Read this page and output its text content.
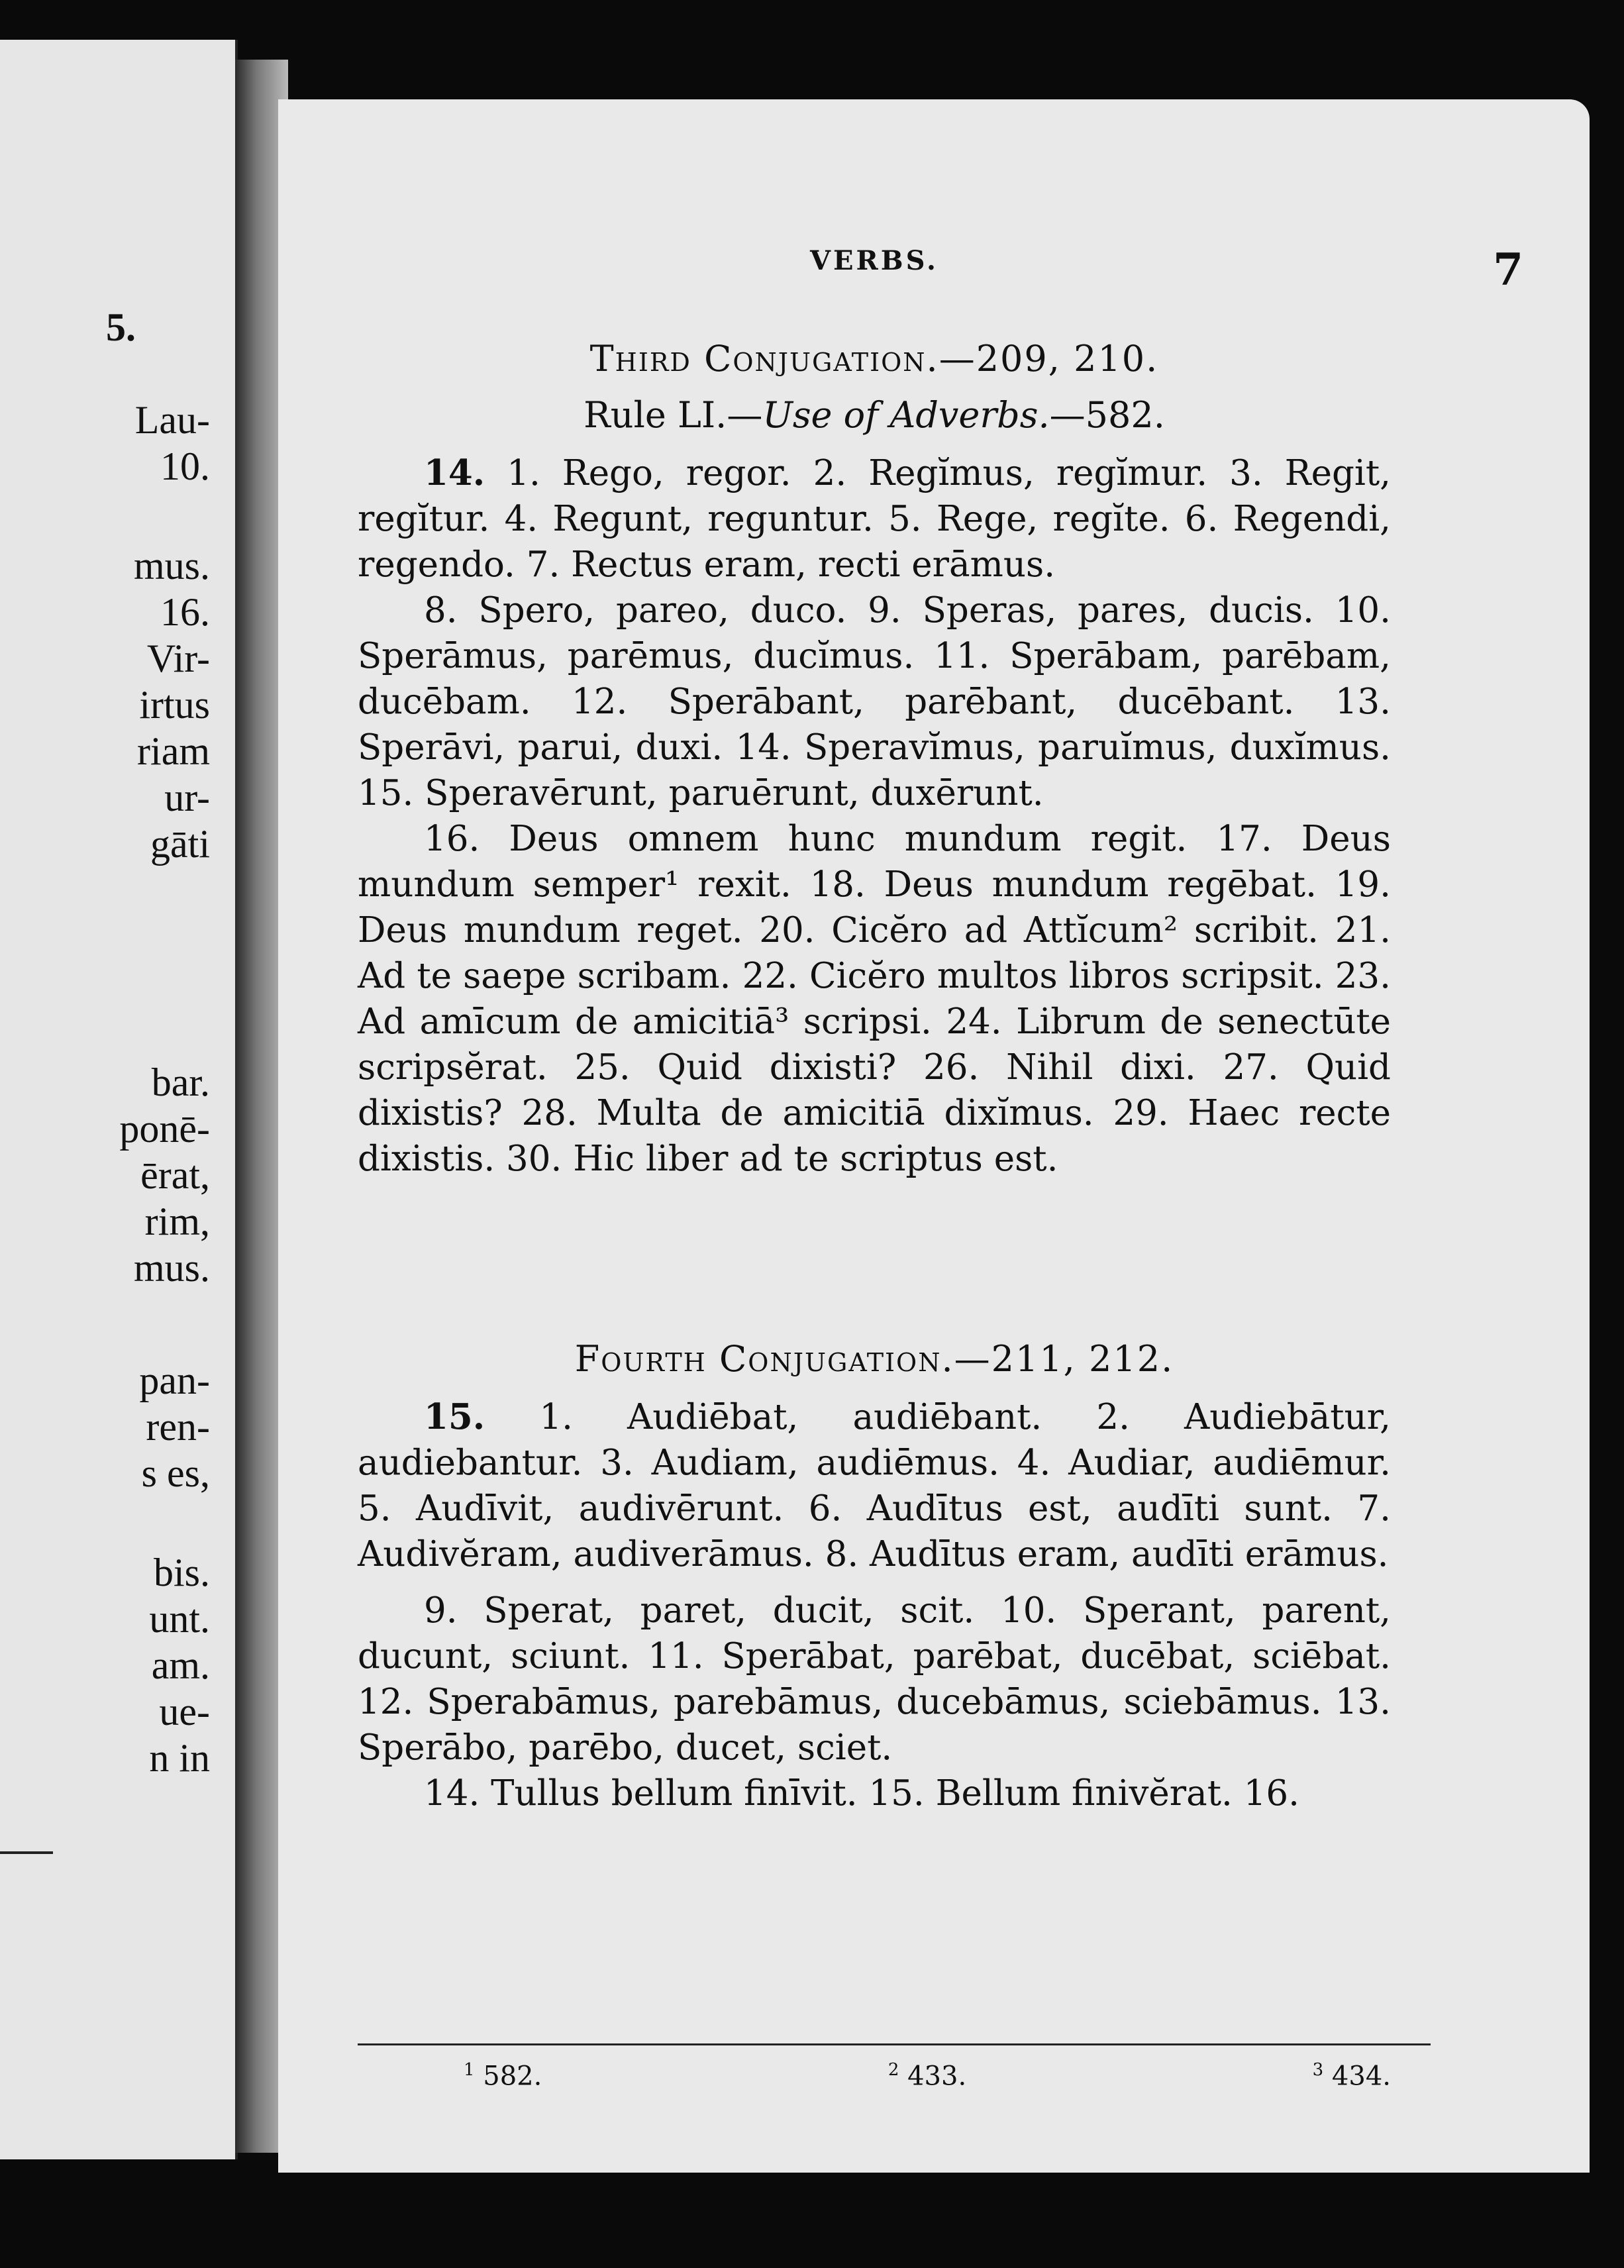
5.
Lau-
10.
mus.
16.
Vir-
irtus
riam
ur-
gāti
bar.
ponē-
ērat,
rim,
mus.
pan-
ren-
s es,
bis.
unt.
am.
ue-
n in
VERBS.	7

Third Conjugation.—209, 210.

Rule LI.—Use of Adverbs.—582.

14. 1. Rego, regor. 2. Regĭmus, regĭmur. 3. Regit, regĭtur. 4. Regunt, reguntur. 5. Rege, regĭte. 6. Regendi, regendo. 7. Rectus eram, recti erāmus.

8. Spero, pareo, duco. 9. Speras, pares, ducis. 10. Sperāmus, parēmus, ducĭmus. 11. Sperābam, parēbam, ducēbam. 12. Sperābant, parēbant, ducēbant. 13. Sperāvi, parui, duxi. 14. Speravĭmus, paruĭmus, duxĭmus. 15. Speravērunt, paruērunt, duxērunt.

16. Deus omnem hunc mundum regit. 17. Deus mundum semper¹ rexit. 18. Deus mundum regēbat. 19. Deus mundum reget. 20. Cicĕro ad Attĭcum² scribit. 21. Ad te saepe scribam. 22. Cicĕro multos libros scripsit. 23. Ad amīcum de amicitiā³ scripsi. 24. Librum de senectūte scripsĕrat. 25. Quid dixisti? 26. Nihil dixi. 27. Quid dixistis? 28. Multa de amicitiā dixĭmus. 29. Haec recte dixistis. 30. Hic liber ad te scriptus est.

Fourth Conjugation.—211, 212.

15. 1. Audiēbat, audiēbant. 2. Audiebātur, audiebantur. 3. Audiam, audiēmus. 4. Audiar, audiēmur. 5. Audīvit, audivērunt. 6. Audītus est, audīti sunt. 7. Audivĕram, audiverāmus. 8. Audītus eram, audīti erāmus.

9. Sperat, paret, ducit, scit. 10. Sperant, parent, ducunt, sciunt. 11. Sperābat, parēbat, ducēbat, sciēbat. 12. Sperabāmus, parebāmus, ducebāmus, sciebāmus. 13. Sperābo, parēbo, ducet, sciet.

14. Tullus bellum finīvit. 15. Bellum finivĕrat. 16.

$^1$ 582.	$^2$ 433.	$^3$ 434.
